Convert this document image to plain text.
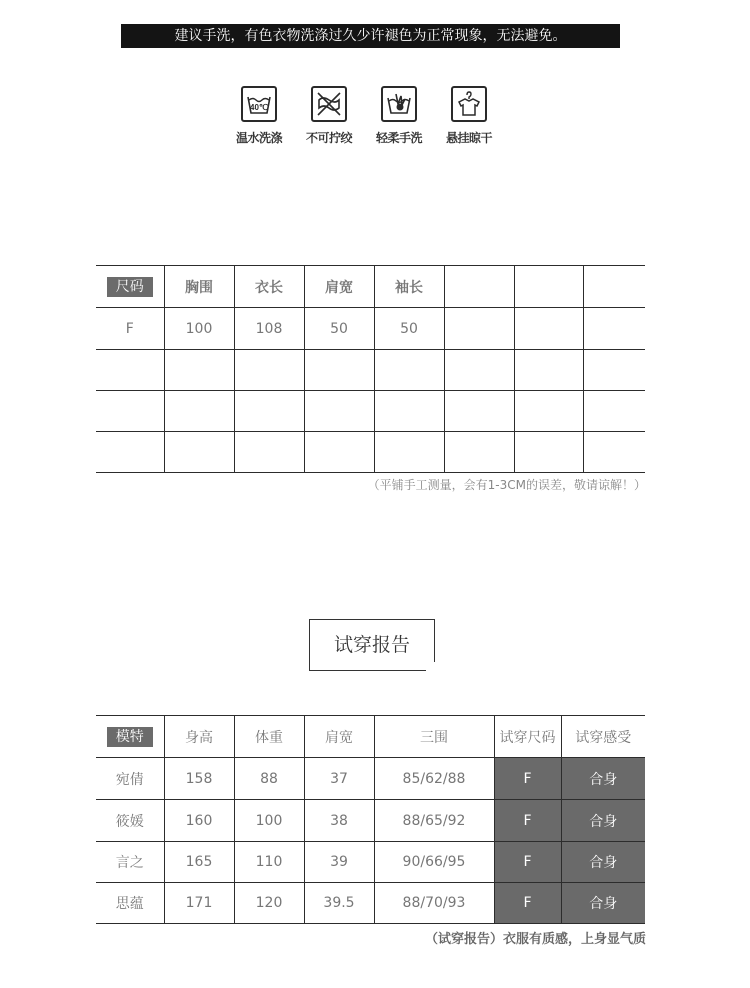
建议手洗，有色衣物洗涤过久少许褪色为正常现象，无法避免。
40℃
温水洗涤	不可拧绞	轻柔手洗	悬挂晾干
尺码	胸围	衣长	肩宽	袖长			
F	100	108	50	50			

（平铺手工测量，会有1-3CM的误差，敬请谅解！）
试穿报告
模特	身高	体重	肩宽	三围	试穿尺码	试穿感受
宛倩	158	88	37	85/62/88	F	合身
筱媛	160	100	38	88/65/92	F	合身
言之	165	110	39	90/66/95	F	合身
思蕴	171	120	39.5	88/70/93	F	合身
（试穿报告）衣服有质感，上身显气质
